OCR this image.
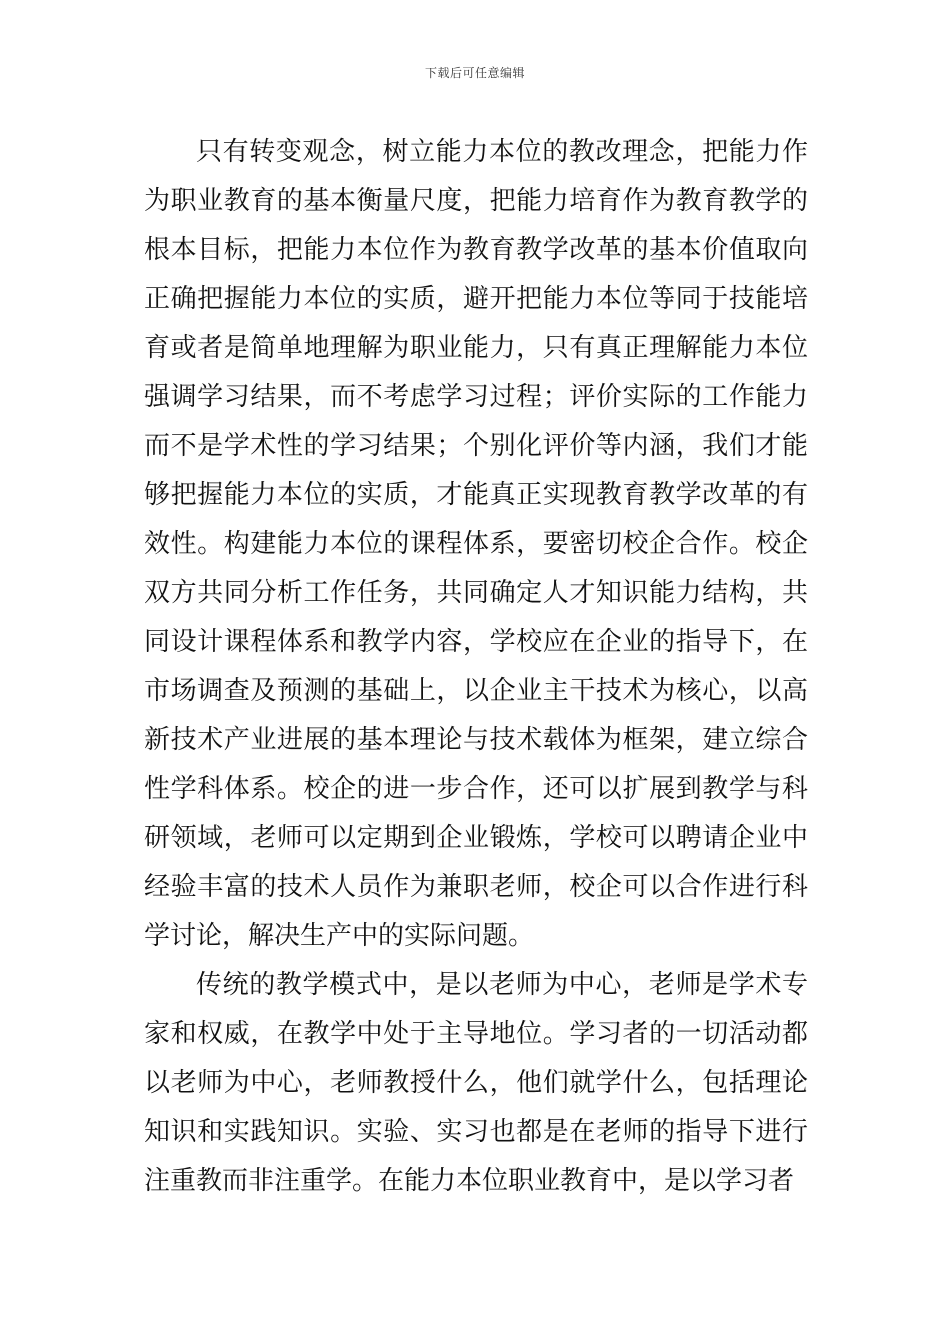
下载后可任意编辑

只有转变观念，树立能力本位的教改理念，把能力作为职业教育的基本衡量尺度，把能力培育作为教育教学的根本目标，把能力本位作为教育教学改革的基本价值取向正确把握能力本位的实质，避开把能力本位等同于技能培育或者是简单地理解为职业能力，只有真正理解能力本位强调学习结果，而不考虑学习过程；评价实际的工作能力而不是学术性的学习结果；个别化评价等内涵，我们才能够把握能力本位的实质，才能真正实现教育教学改革的有效性。构建能力本位的课程体系，要密切校企合作。校企双方共同分析工作任务，共同确定人才知识能力结构，共同设计课程体系和教学内容，学校应在企业的指导下，在市场调查及预测的基础上，以企业主干技术为核心，以高新技术产业进展的基本理论与技术载体为框架，建立综合性学科体系。校企的进一步合作，还可以扩展到教学与科研领域，老师可以定期到企业锻炼，学校可以聘请企业中经验丰富的技术人员作为兼职老师，校企可以合作进行科学讨论，解决生产中的实际问题。

传统的教学模式中，是以老师为中心，老师是学术专家和权威，在教学中处于主导地位。学习者的一切活动都以老师为中心，老师教授什么，他们就学什么，包括理论知识和实践知识。实验、实习也都是在老师的指导下进行注重教而非注重学。在能力本位职业教育中，是以学习者
